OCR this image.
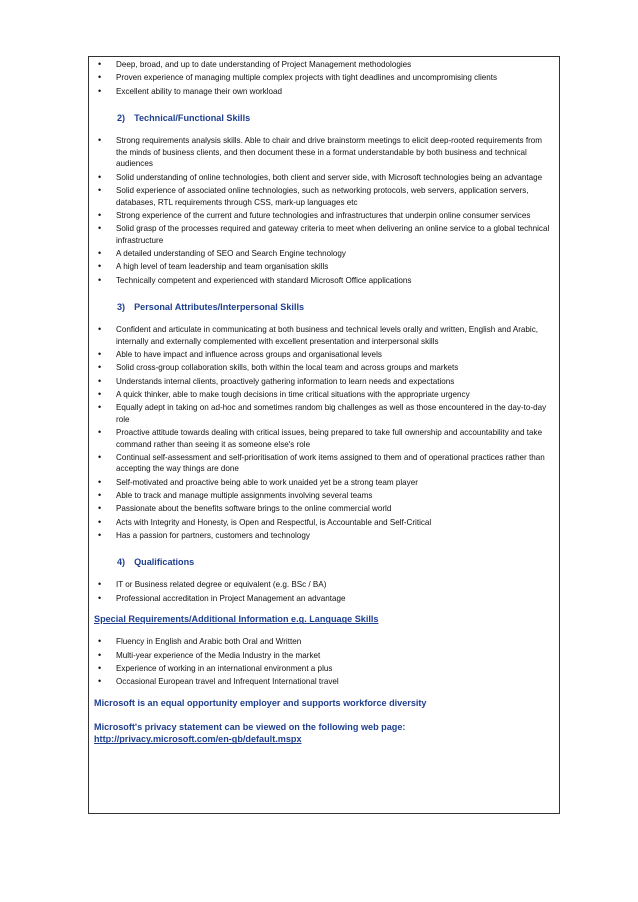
• Deep, broad, and up to date understanding of Project Management methodologies
• Proven experience of managing multiple complex projects with tight deadlines and uncompromising clients
• Excellent ability to manage their own workload
2) Technical/Functional Skills
• Strong requirements analysis skills. Able to chair and drive brainstorm meetings to elicit deep-rooted requirements from the minds of business clients, and then document these in a format understandable by both business and technical audiences
• Solid understanding of online technologies, both client and server side, with Microsoft technologies being an advantage
• Solid experience of associated online technologies, such as networking protocols, web servers, application servers, databases, RTL requirements through CSS, mark-up languages etc
• Strong experience of the current and future technologies and infrastructures that underpin online consumer services
• Solid grasp of the processes required and gateway criteria to meet when delivering an online service to a global technical infrastructure
• A detailed understanding of SEO and Search Engine technology
• A high level of team leadership and team organisation skills
• Technically competent and experienced with standard Microsoft Office applications
3) Personal Attributes/Interpersonal Skills
• Confident and articulate in communicating at both business and technical levels orally and written, English and Arabic, internally and externally complemented with excellent presentation and interpersonal skills
• Able to have impact and influence across groups and organisational levels
• Solid cross-group collaboration skills, both within the local team and across groups and markets
• Understands internal clients, proactively gathering information to learn needs and expectations
• A quick thinker, able to make tough decisions in time critical situations with the appropriate urgency
• Equally adept in taking on ad-hoc and sometimes random big challenges as well as those encountered in the day-to-day role
• Proactive attitude towards dealing with critical issues, being prepared to take full ownership and accountability and take command rather than seeing it as someone else's role
• Continual self-assessment and self-prioritisation of work items assigned to them and of operational practices rather than accepting the way things are done
• Self-motivated and proactive being able to work unaided yet be a strong team player
• Able to track and manage multiple assignments involving several teams
• Passionate about the benefits software brings to the online commercial world
• Acts with Integrity and Honesty, is Open and Respectful, is Accountable and Self-Critical
• Has a passion for partners, customers and technology
4) Qualifications
• IT or Business related degree or equivalent (e.g. BSc / BA)
• Professional accreditation in Project Management an advantage
Special Requirements/Additional Information e.g. Language Skills
• Fluency in English and Arabic both Oral and Written
• Multi-year experience of the Media Industry in the market
• Experience of working in an international environment a plus
• Occasional European travel and Infrequent International travel
Microsoft is an equal opportunity employer and supports workforce diversity
Microsoft's privacy statement can be viewed on the following web page:
http://privacy.microsoft.com/en-gb/default.mspx
